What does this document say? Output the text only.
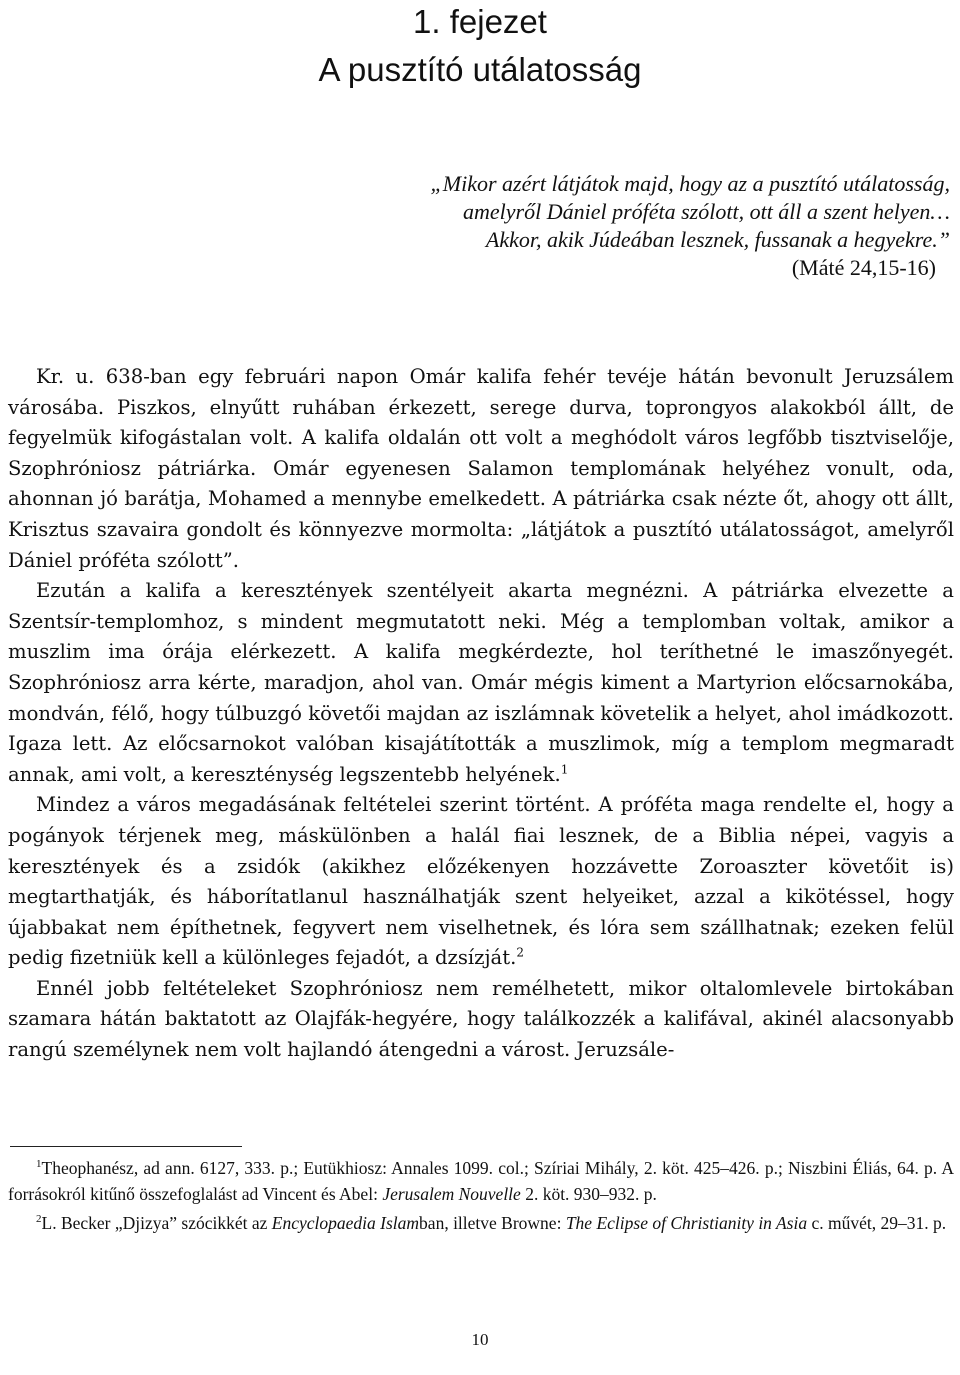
1. fejezet
A pusztító utálatosság
„Mikor azért látjátok majd, hogy az a pusztító utálatosság,
amelyről Dániel próféta szólott, ott áll a szent helyen…
Akkor, akik Júdeában lesznek, fussanak a hegyekre.”
(Máté 24,15-16)

Kr. u. 638-ban egy februári napon Omár kalifa fehér tevéje hátán bevonult Jeruzsálem városába. Piszkos, elnyűtt ruhában érkezett, serege durva, toprongyos alakokból állt, de fegyelmük kifogástalan volt. A kalifa oldalán ott volt a meghódolt város legfőbb tisztviselője, Szophróniosz pátriárka. Omár egyenesen Salamon templomának helyéhez vonult, oda, ahonnan jó barátja, Mohamed a mennybe emelkedett. A pátriárka csak nézte őt, ahogy ott állt, Krisztus szavaira gondolt és könnyezve mormolta: „látjátok a pusztító utálatosságot, amelyről Dániel próféta szólott”.

Ezután a kalifa a keresztények szentélyeit akarta megnézni. A pátriárka elvezette a Szentsír-templomhoz, s mindent megmutatott neki. Még a templomban voltak, amikor a muszlim ima órája elérkezett. A kalifa megkérdezte, hol teríthetné le imaszőnyegét. Szophróniosz arra kérte, maradjon, ahol van. Omár mégis kiment a Martyrion előcsarnokába, mondván, félő, hogy túlbuzgó követői majdan az iszlámnak követelik a helyet, ahol imádkozott. Igaza lett. Az előcsarnokot valóban kisajátították a muszlimok, míg a templom megmaradt annak, ami volt, a kereszténység legszentebb helyének.$^1$

Mindez a város megadásának feltételei szerint történt. A próféta maga rendelte el, hogy a pogányok térjenek meg, máskülönben a halál fiai lesznek, de a Biblia népei, vagyis a keresztények és a zsidók (akikhez előzékenyen hozzávette Zoroaszter követőit is) megtarthatják, és háborítatlanul használhatják szent helyeiket, azzal a kikötéssel, hogy újabbakat nem építhetnek, fegyvert nem viselhetnek, és lóra sem szállhatnak; ezeken felül pedig fizetniük kell a különleges fejadót, a dzsízját.$^2$

Ennél jobb feltételeket Szophróniosz nem remélhetett, mikor oltalomlevele birtokában szamara hátán baktatott az Olajfák-hegyére, hogy találkozzék a kalifával, akinél alacsonyabb rangú személynek nem volt hajlandó átengedni a várost. Jeruzsále-

$^1$Theophanész, ad ann. 6127, 333. p.; Eutükhiosz: Annales 1099. col.; Szíriai Mihály, 2. köt. 425–426. p.; Niszbini Éliás, 64. p. A forrásokról kitűnő összefoglalást ad Vincent és Abel: Jerusalem Nouvelle 2. köt. 930–932. p.

$^2$L. Becker „Djizya” szócikkét az Encyclopaedia Islamban, illetve Browne: The Eclipse of Christianity in Asia c. művét, 29–31. p.

10
